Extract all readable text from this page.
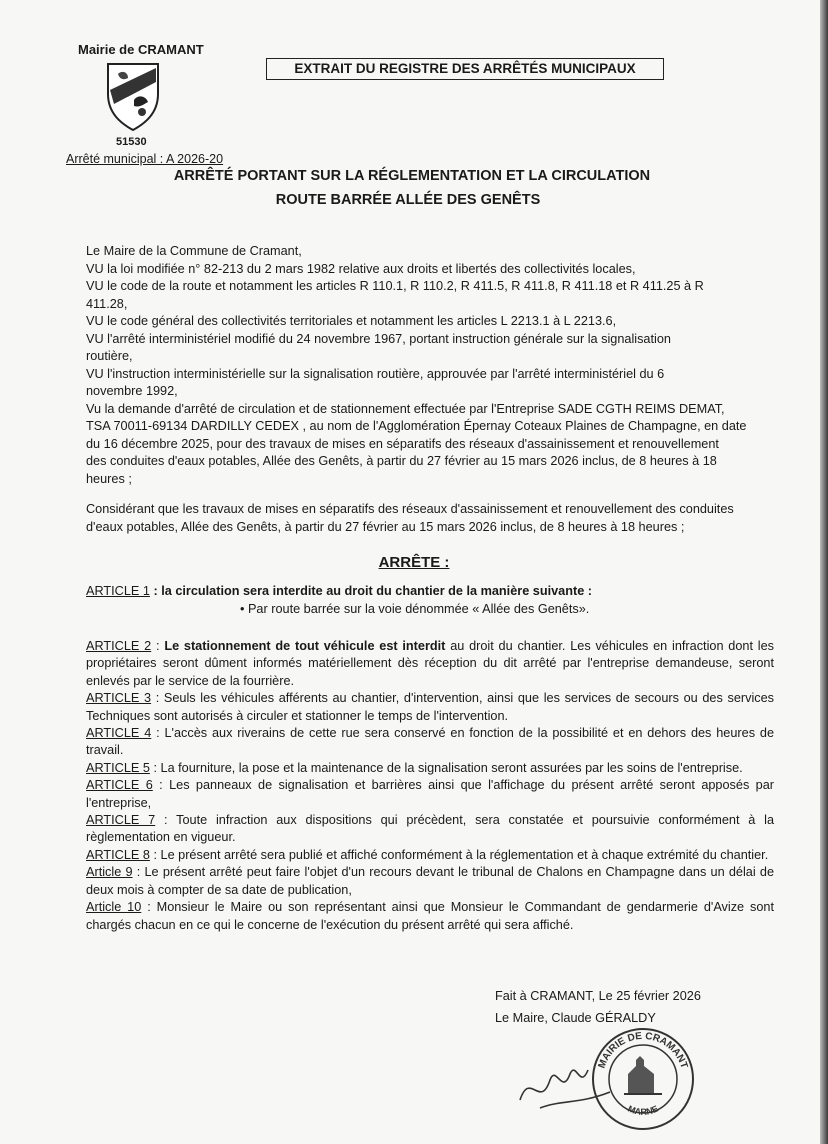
Mairie de CRAMANT
51530
Arrêté municipal : A 2026-20
EXTRAIT DU REGISTRE DES ARRÊTÉS MUNICIPAUX
ARRÊTÉ PORTANT SUR LA RÉGLEMENTATION ET LA CIRCULATION
ROUTE BARRÉE ALLÉE DES GENÊTS
Le Maire de la Commune de Cramant,
VU la loi modifiée n° 82-213 du 2 mars 1982 relative aux droits et libertés des collectivités locales,
VU le code de la route et notamment les articles R 110.1, R 110.2, R 411.5, R 411.8, R 411.18 et R 411.25 à R
411.28,
VU le code général des collectivités territoriales et notamment les articles L 2213.1 à L 2213.6,
VU l'arrêté interministériel modifié du 24 novembre 1967, portant instruction générale sur la signalisation
routière,
VU l'instruction interministérielle sur la signalisation routière, approuvée par l'arrêté interministériel du 6
novembre 1992,
Vu la demande d'arrêté de circulation et de stationnement effectuée par l'Entreprise SADE CGTH REIMS DEMAT,
TSA 70011-69134 DARDILLY CEDEX , au nom de l'Agglomération Épernay Coteaux Plaines de Champagne, en date
du 16 décembre 2025, pour des travaux de mises en séparatifs des réseaux d'assainissement et renouvellement
des conduites d'eaux potables, Allée des Genêts, à partir du 27 février au 15 mars 2026 inclus, de 8 heures à 18
heures ;
Considérant que les travaux de mises en séparatifs des réseaux d'assainissement et renouvellement des conduites
d'eaux potables, Allée des Genêts, à partir du 27 février au 15 mars 2026 inclus, de 8 heures à 18 heures ;
ARRÊTE :
ARTICLE 1 : la circulation sera interdite au droit du chantier de la manière suivante :
• Par route barrée sur la voie dénommée « Allée des Genêts».
ARTICLE 2 : Le stationnement de tout véhicule est interdit au droit du chantier. Les véhicules en infraction dont les propriétaires seront dûment informés matériellement dès réception du dit arrêté par l'entreprise demandeuse, seront enlevés par le service de la fourrière.
ARTICLE 3 : Seuls les véhicules afférents au chantier, d'intervention, ainsi que les services de secours ou des services Techniques sont autorisés à circuler et stationner le temps de l'intervention.
ARTICLE 4 : L'accès aux riverains de cette rue sera conservé en fonction de la possibilité et en dehors des heures de travail.
ARTICLE 5 : La fourniture, la pose et la maintenance de la signalisation seront assurées par les soins de l'entreprise.
ARTICLE 6 : Les panneaux de signalisation et barrières ainsi que l'affichage du présent arrêté seront apposés par l'entreprise,
ARTICLE 7 : Toute infraction aux dispositions qui précèdent, sera constatée et poursuivie conformément à la règlementation en vigueur.
ARTICLE 8 : Le présent arrêté sera publié et affiché conformément à la réglementation et à chaque extrémité du chantier.
Article 9 : Le présent arrêté peut faire l'objet d'un recours devant le tribunal de Chalons en Champagne dans un délai de deux mois à compter de sa date de publication,
Article 10 : Monsieur le Maire ou son représentant ainsi que Monsieur le Commandant de gendarmerie d'Avize sont chargés chacun en ce qui le concerne de l'exécution du présent arrêté qui sera affiché.
Fait à CRAMANT, Le 25 février 2026
Le Maire, Claude GÉRALDY
MAIRIE DE CRAMANT
MARNE
